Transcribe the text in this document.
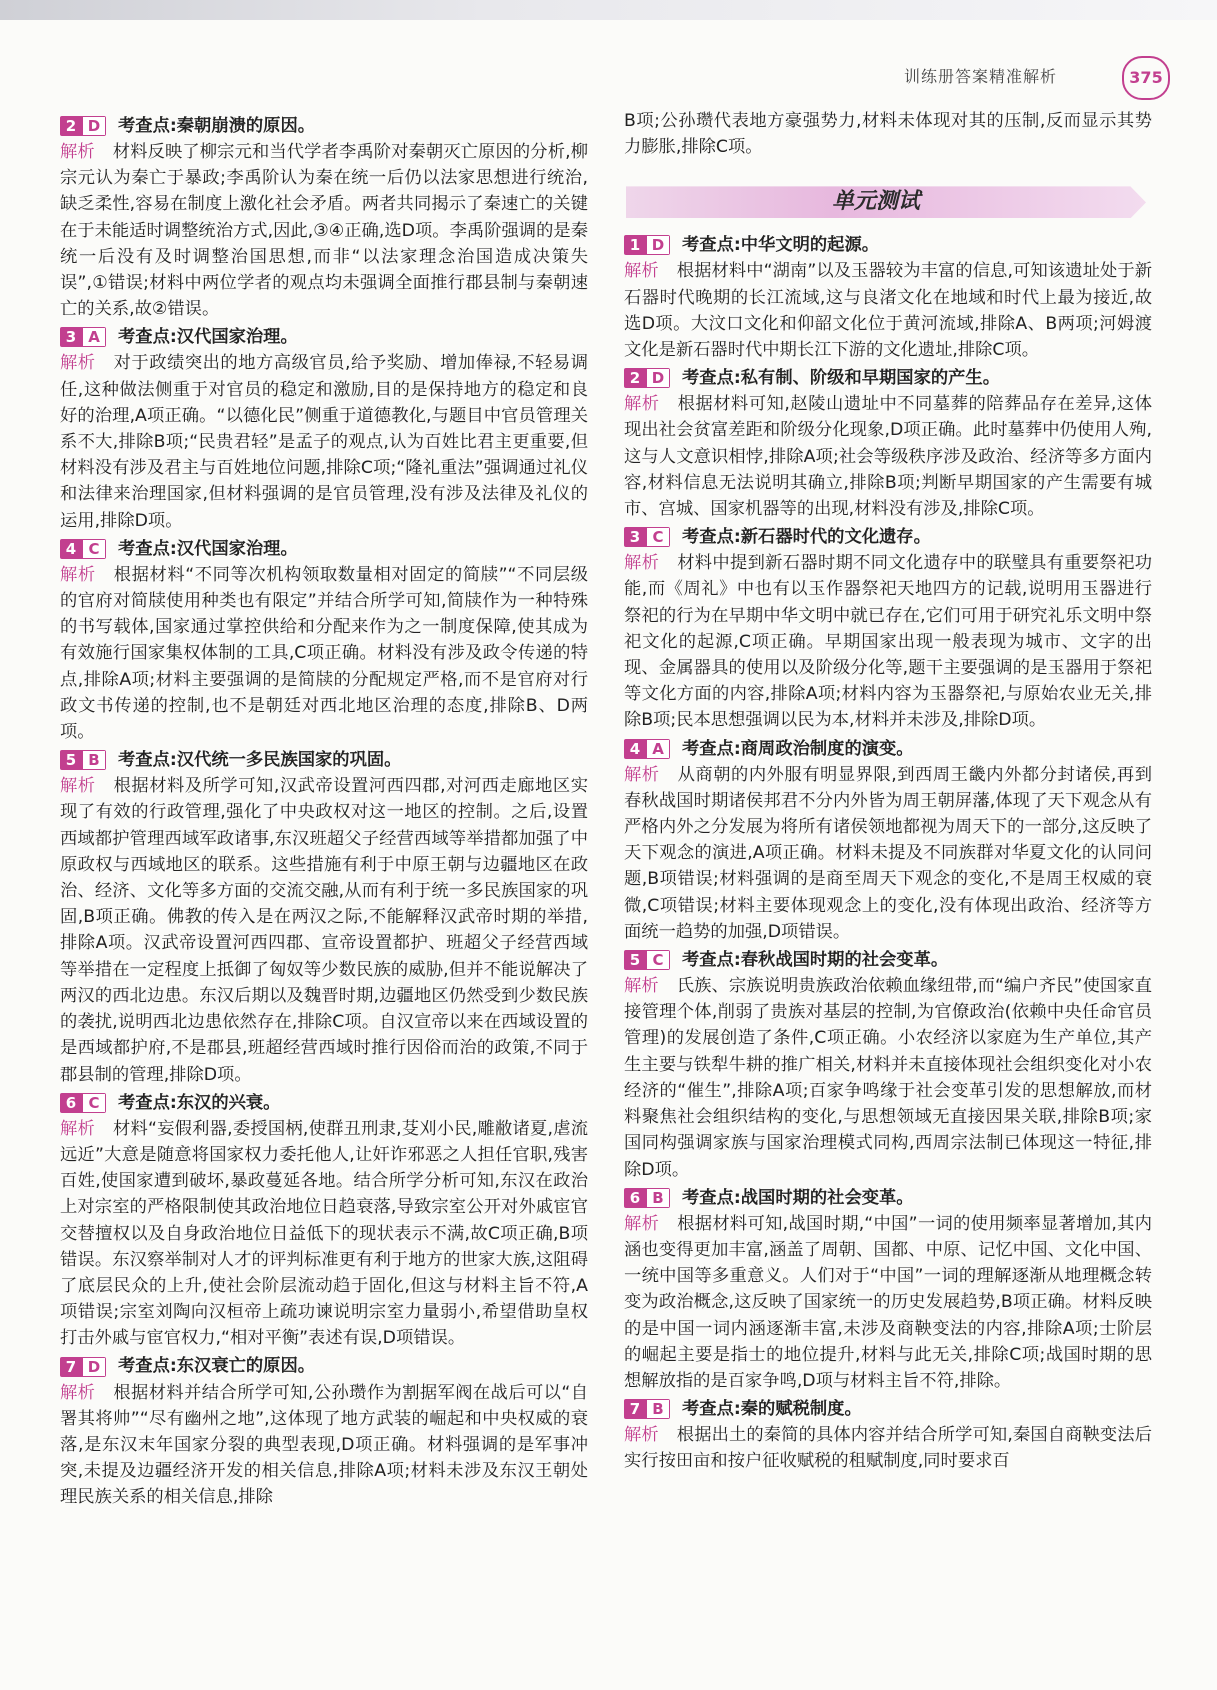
训练册答案精准解析	375
2 D	考查点:秦朝崩溃的原因。
解析 材料反映了柳宗元和当代学者李禹阶对秦朝灭亡原因的分析,柳宗元认为秦亡于暴政;李禹阶认为秦在统一后仍以法家思想进行统治,缺乏柔性,容易在制度上激化社会矛盾。两者共同揭示了秦速亡的关键在于未能适时调整统治方式,因此,③④正确,选D项。李禹阶强调的是秦统一后没有及时调整治国思想,而非“以法家理念治国造成决策失误”,①错误;材料中两位学者的观点均未强调全面推行郡县制与秦朝速亡的关系,故②错误。
3 A	考查点:汉代国家治理。
解析 对于政绩突出的地方高级官员,给予奖励、增加俸禄,不轻易调任,这种做法侧重于对官员的稳定和激励,目的是保持地方的稳定和良好的治理,A项正确。“以德化民”侧重于道德教化,与题目中官员管理关系不大,排除B项;“民贵君轻”是孟子的观点,认为百姓比君主更重要,但材料没有涉及君主与百姓地位问题,排除C项;“隆礼重法”强调通过礼仪和法律来治理国家,但材料强调的是官员管理,没有涉及法律及礼仪的运用,排除D项。
4 C	考查点:汉代国家治理。
解析 根据材料“不同等次机构领取数量相对固定的简牍”“不同层级的官府对简牍使用种类也有限定”并结合所学可知,简牍作为一种特殊的书写载体,国家通过掌控供给和分配来作为之一制度保障,使其成为有效施行国家集权体制的工具,C项正确。材料没有涉及政令传递的特点,排除A项;材料主要强调的是简牍的分配规定严格,而不是官府对行政文书传递的控制,也不是朝廷对西北地区治理的态度,排除B、D两项。
5 B	考查点:汉代统一多民族国家的巩固。
解析 根据材料及所学可知,汉武帝设置河西四郡,对河西走廊地区实现了有效的行政管理,强化了中央政权对这一地区的控制。之后,设置西域都护管理西域军政诸事,东汉班超父子经营西域等举措都加强了中原政权与西域地区的联系。这些措施有利于中原王朝与边疆地区在政治、经济、文化等多方面的交流交融,从而有利于统一多民族国家的巩固,B项正确。佛教的传入是在两汉之际,不能解释汉武帝时期的举措,排除A项。汉武帝设置河西四郡、宣帝设置都护、班超父子经营西域等举措在一定程度上抵御了匈奴等少数民族的威胁,但并不能说解决了两汉的西北边患。东汉后期以及魏晋时期,边疆地区仍然受到少数民族的袭扰,说明西北边患依然存在,排除C项。自汉宣帝以来在西域设置的是西域都护府,不是郡县,班超经营西域时推行因俗而治的政策,不同于郡县制的管理,排除D项。
6 C	考查点:东汉的兴衰。
解析 材料“妄假利器,委授国柄,使群丑刑隶,芟刈小民,雕敝诸夏,虐流远近”大意是随意将国家权力委托他人,让奸诈邪恶之人担任官职,残害百姓,使国家遭到破坏,暴政蔓延各地。结合所学分析可知,东汉在政治上对宗室的严格限制使其政治地位日趋衰落,导致宗室公开对外戚宦官交替擅权以及自身政治地位日益低下的现状表示不满,故C项正确,B项错误。东汉察举制对人才的评判标准更有利于地方的世家大族,这阻碍了底层民众的上升,使社会阶层流动趋于固化,但这与材料主旨不符,A项错误;宗室刘陶向汉桓帝上疏功谏说明宗室力量弱小,希望借助皇权打击外戚与宦官权力,“相对平衡”表述有误,D项错误。
7 D	考查点:东汉衰亡的原因。
解析 根据材料并结合所学可知,公孙瓒作为割据军阀在战后可以“自署其将帅”“尽有幽州之地”,这体现了地方武装的崛起和中央权威的衰落,是东汉末年国家分裂的典型表现,D项正确。材料强调的是军事冲突,未提及边疆经济开发的相关信息,排除A项;材料未涉及东汉王朝处理民族关系的相关信息,排除
B项;公孙瓒代表地方豪强势力,材料未体现对其的压制,反而显示其势力膨胀,排除C项。
单元测试
1 D	考查点:中华文明的起源。
解析 根据材料中“湖南”以及玉器较为丰富的信息,可知该遗址处于新石器时代晚期的长江流域,这与良渚文化在地域和时代上最为接近,故选D项。大汶口文化和仰韶文化位于黄河流域,排除A、B两项;河姆渡文化是新石器时代中期长江下游的文化遗址,排除C项。
2 D	考查点:私有制、阶级和早期国家的产生。
解析 根据材料可知,赵陵山遗址中不同墓葬的陪葬品存在差异,这体现出社会贫富差距和阶级分化现象,D项正确。此时墓葬中仍使用人殉,这与人文意识相悖,排除A项;社会等级秩序涉及政治、经济等多方面内容,材料信息无法说明其确立,排除B项;判断早期国家的产生需要有城市、宫城、国家机器等的出现,材料没有涉及,排除C项。
3 C	考查点:新石器时代的文化遗存。
解析 材料中提到新石器时期不同文化遗存中的联璧具有重要祭祀功能,而《周礼》中也有以玉作器祭祀天地四方的记载,说明用玉器进行祭祀的行为在早期中华文明中就已存在,它们可用于研究礼乐文明中祭祀文化的起源,C项正确。早期国家出现一般表现为城市、文字的出现、金属器具的使用以及阶级分化等,题干主要强调的是玉器用于祭祀等文化方面的内容,排除A项;材料内容为玉器祭祀,与原始农业无关,排除B项;民本思想强调以民为本,材料并未涉及,排除D项。
4 A	考查点:商周政治制度的演变。
解析 从商朝的内外服有明显界限,到西周王畿内外都分封诸侯,再到春秋战国时期诸侯邦君不分内外皆为周王朝屏藩,体现了天下观念从有严格内外之分发展为将所有诸侯领地都视为周天下的一部分,这反映了天下观念的演进,A项正确。材料未提及不同族群对华夏文化的认同问题,B项错误;材料强调的是商至周天下观念的变化,不是周王权威的衰微,C项错误;材料主要体现观念上的变化,没有体现出政治、经济等方面统一趋势的加强,D项错误。
5 C	考查点:春秋战国时期的社会变革。
解析 氏族、宗族说明贵族政治依赖血缘纽带,而“编户齐民”使国家直接管理个体,削弱了贵族对基层的控制,为官僚政治(依赖中央任命官员管理)的发展创造了条件,C项正确。小农经济以家庭为生产单位,其产生主要与铁犁牛耕的推广相关,材料并未直接体现社会组织变化对小农经济的“催生”,排除A项;百家争鸣缘于社会变革引发的思想解放,而材料聚焦社会组织结构的变化,与思想领域无直接因果关联,排除B项;家国同构强调家族与国家治理模式同构,西周宗法制已体现这一特征,排除D项。
6 B	考查点:战国时期的社会变革。
解析 根据材料可知,战国时期,“中国”一词的使用频率显著增加,其内涵也变得更加丰富,涵盖了周朝、国都、中原、记忆中国、文化中国、一统中国等多重意义。人们对于“中国”一词的理解逐渐从地理概念转变为政治概念,这反映了国家统一的历史发展趋势,B项正确。材料反映的是中国一词内涵逐渐丰富,未涉及商鞅变法的内容,排除A项;士阶层的崛起主要是指士的地位提升,材料与此无关,排除C项;战国时期的思想解放指的是百家争鸣,D项与材料主旨不符,排除。
7 B	考查点:秦的赋税制度。
解析 根据出土的秦简的具体内容并结合所学可知,秦国自商鞅变法后实行按田亩和按户征收赋税的租赋制度,同时要求百
